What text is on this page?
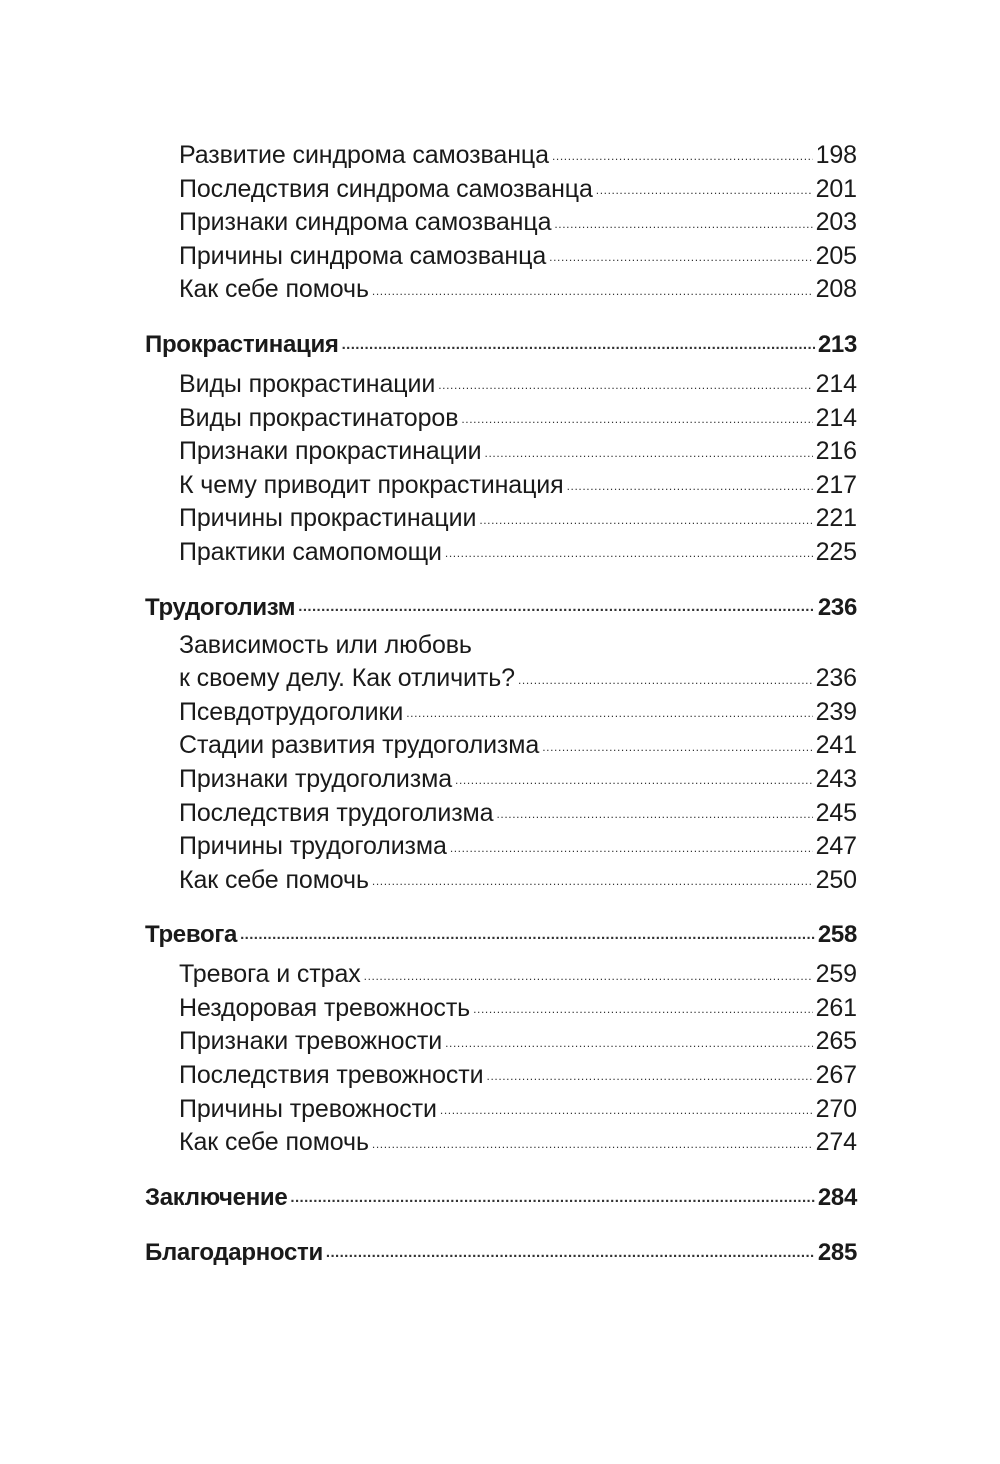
Развитие синдрома самозванца .....	198
Последствия синдрома самозванца .....	201
Признаки синдрома самозванца .....	203
Причины синдрома самозванца .....	205
Как себе помочь .....	208
Прокрастинация .....	213
Виды прокрастинации .....	214
Виды прокрастинаторов .....	214
Признаки прокрастинации .....	216
К чему приводит прокрастинация .....	217
Причины прокрастинации .....	221
Практики самопомощи .....	225
Трудоголизм .....	236
Зависимость или любовь
к своему делу. Как отличить? .....	236
Псевдотрудоголики .....	239
Стадии развития трудоголизма .....	241
Признаки трудоголизма .....	243
Последствия трудоголизма .....	245
Причины трудоголизма .....	247
Как себе помочь .....	250
Тревога .....	258
Тревога и страх .....	259
Нездоровая тревожность .....	261
Признаки тревожности .....	265
Последствия тревожности .....	267
Причины тревожности .....	270
Как себе помочь .....	274
Заключение .....	284
Благодарности .....	285
